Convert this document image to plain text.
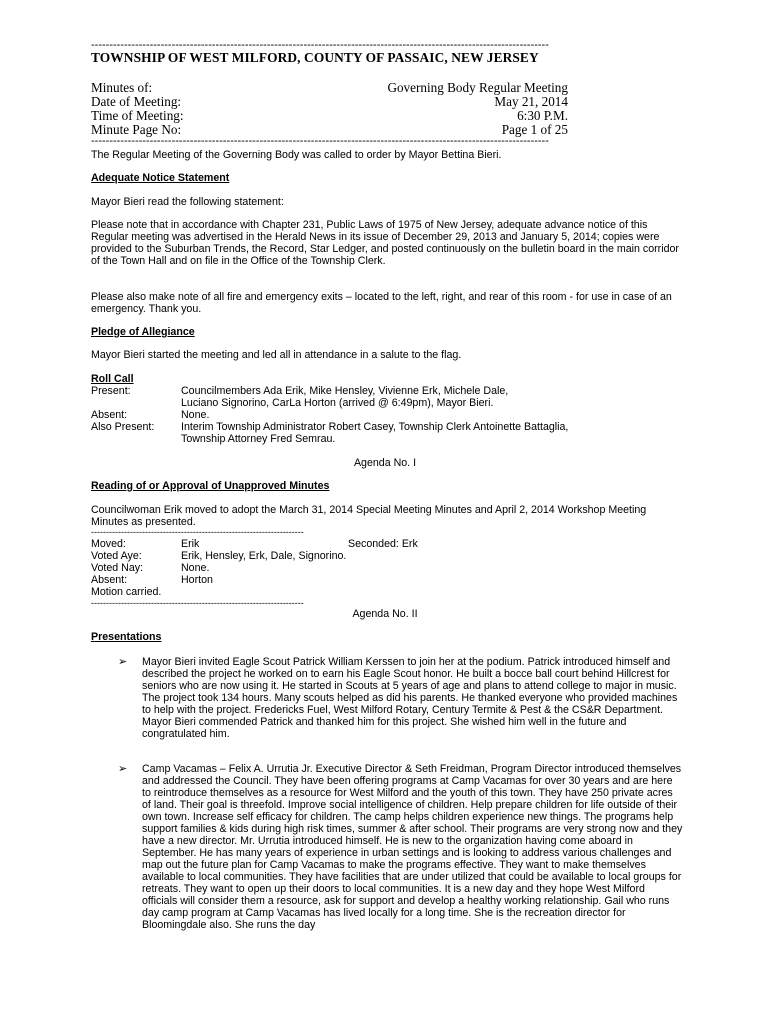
-----------------------------------------------------------------------------------------------------------------------------
TOWNSHIP OF WEST MILFORD, COUNTY OF PASSAIC, NEW JERSEY
Minutes of:	Governing Body Regular Meeting
Date of Meeting:	May 21, 2014
Time of Meeting:	6:30 P.M.
Minute Page No:	Page 1 of 25
-----------------------------------------------------------------------------------------------------------------------------
The Regular Meeting of the Governing Body was called to order by Mayor Bettina Bieri.
Adequate Notice Statement
Mayor Bieri read the following statement:
Please note that in accordance with Chapter 231, Public Laws of 1975 of New Jersey, adequate advance notice of this Regular meeting was advertised in the Herald News in its issue of December 29, 2013 and January 5, 2014; copies were provided to the Suburban Trends, the Record, Star Ledger, and posted continuously on the bulletin board in the main corridor of the Town Hall and on file in the Office of the Township Clerk.
Please also make note of all fire and emergency exits – located to the left, right, and rear of this room - for use in case of an emergency. Thank you.
Pledge of Allegiance
Mayor Bieri started the meeting and led all in attendance in a salute to the flag.
Roll Call
Present:	Councilmembers Ada Erik, Mike Hensley, Vivienne Erk, Michele Dale,
Luciano Signorino, CarLa Horton (arrived @ 6:49pm), Mayor Bieri.
Absent:	None.
Also Present:	Interim Township Administrator Robert Casey, Township Clerk Antoinette Battaglia,
Township Attorney Fred Semrau.
Agenda No. I
Reading of or Approval of Unapproved Minutes
Councilwoman Erik moved to adopt the March 31, 2014 Special Meeting Minutes and April 2, 2014 Workshop Meeting Minutes as presented.
-----------------------------------------------------------------------
Moved:	Erik	Seconded: Erk
Voted Aye:	Erik, Hensley, Erk, Dale, Signorino.
Voted Nay:	None.
Absent:	Horton
Motion carried.
-----------------------------------------------------------------------
Agenda No. II
Presentations
➢ Mayor Bieri invited Eagle Scout Patrick William Kerssen to join her at the podium. Patrick introduced himself and described the project he worked on to earn his Eagle Scout honor. He built a bocce ball court behind Hillcrest for seniors who are now using it. He started in Scouts at 5 years of age and plans to attend college to major in music. The project took 134 hours. Many scouts helped as did his parents. He thanked everyone who provided machines to help with the project. Fredericks Fuel, West Milford Rotary, Century Termite & Pest & the CS&R Department. Mayor Bieri commended Patrick and thanked him for this project. She wished him well in the future and congratulated him.
➢ Camp Vacamas – Felix A. Urrutia Jr. Executive Director & Seth Freidman, Program Director introduced themselves and addressed the Council. They have been offering programs at Camp Vacamas for over 30 years and are here to reintroduce themselves as a resource for West Milford and the youth of this town. They have 250 private acres of land. Their goal is threefold. Improve social intelligence of children. Help prepare children for life outside of their own town. Increase self efficacy for children. The camp helps children experience new things. The programs help support families & kids during high risk times, summer & after school. Their programs are very strong now and they have a new director. Mr. Urrutia introduced himself. He is new to the organization having come aboard in September. He has many years of experience in urban settings and is looking to address various challenges and map out the future plan for Camp Vacamas to make the programs effective. They want to make themselves available to local communities. They have facilities that are under utilized that could be available to local groups for retreats. They want to open up their doors to local communities. It is a new day and they hope West Milford officials will consider them a resource, ask for support and develop a healthy working relationship. Gail who runs day camp program at Camp Vacamas has lived locally for a long time. She is the recreation director for Bloomingdale also. She runs the day
